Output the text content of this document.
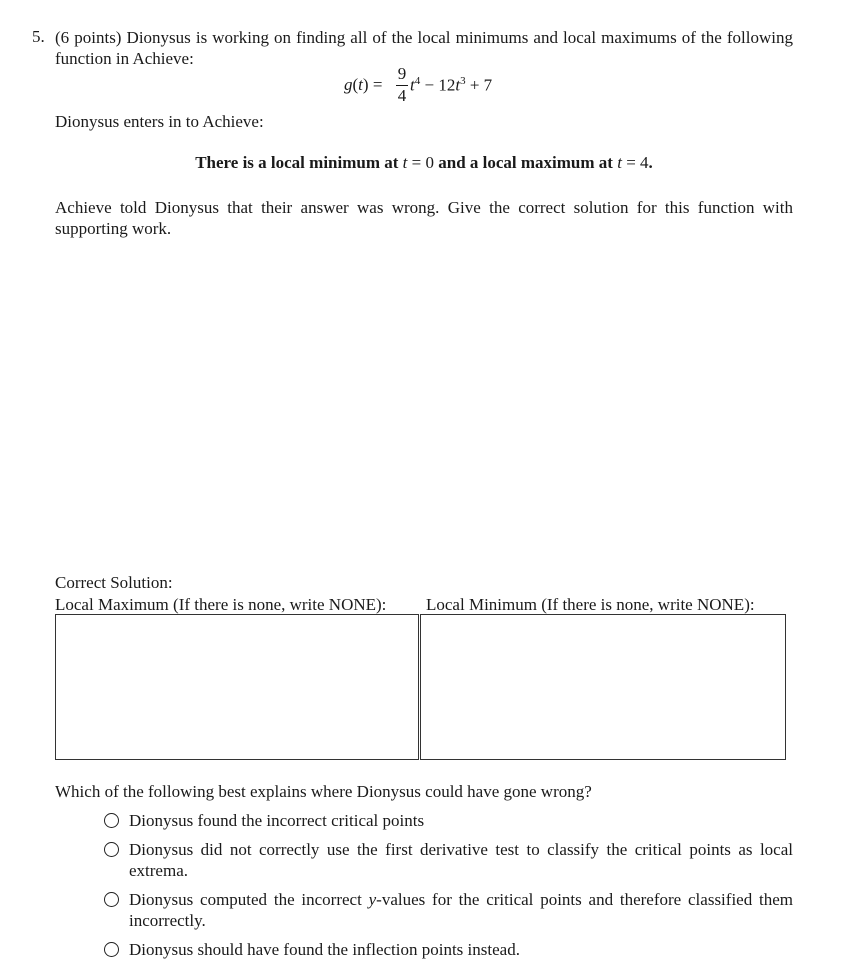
5. (6 points) Dionysus is working on finding all of the local minimums and local maximums of the following function in Achieve:

g(t) =
9
4
$t^4 - 12t^3 + 7$

Dionysus enters in to Achieve:

There is a local minimum at t = 0 and a local maximum at t = 4.

Achieve told Dionysus that their answer was wrong. Give the correct solution for this function with supporting work.

Correct Solution:
Local Maximum (If there is none, write NONE): Local Minimum (If there is none, write NONE):
Which of the following best explains where Dionysus could have gone wrong?
Dionysus found the incorrect critical points
Dionysus did not correctly use the first derivative test to classify the critical points as local extrema.
Dionysus computed the incorrect y-values for the critical points and therefore classified them incorrectly.
Dionysus should have found the inflection points instead.
